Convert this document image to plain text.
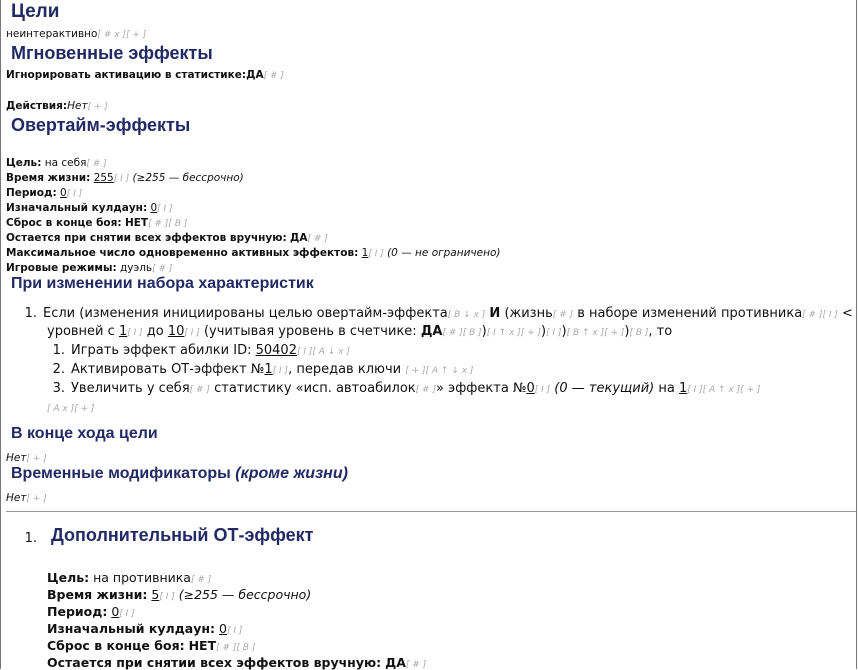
Цели
неинтерактивно[ # x ][ + ]
Мгновенные эффекты
Игнорировать активацию в статистике:ДА[ # ]
Действия:Нет[ + ]
Овертайм-эффекты
Цель: на себя[ # ]
Время жизни: 255[ I ] (≥255 — бессрочно)
Период: 0[ I ]
Изначальный кулдаун: 0[ I ]
Сброс в конце боя: НЕТ[ # ][ B ]
Остается при снятии всех эффектов вручную: ДА[ # ]
Максимальное число одновременно активных эффектов: 1[ I ] (0 — не ограничено)
Игровые режимы: дуэль[ # ]
При изменении набора характеристик
1. Если (изменения инициированы целью овертайм-эффекта[ B ↓ x ] И (жизнь[ # ] в наборе изменений противника[ # ][ I ] <
уровней с 1[ I ] до 10[ I ] (учитывая уровень в счетчике: ДА[ # ][ B ])[ I ↑ x ][ + ])[ I ])[ B ↑ x ][ + ])[ B ], то
1. Играть эффект абилки ID: 50402[ I ][ A ↓ x ]
2. Активировать ОТ-эффект №1[ I ], передав ключи [ + ][ A ↑ ↓ x ]
3. Увеличить у себя[ # ] статистику «исп. автоабилок[ # ]» эффекта №0[ I ] (0 — текущий) на 1[ I ][ A ↑ x ][ + ]
[ A x ][ + ]
В конце хода цели
Нет[ + ]
Временные модификаторы (кроме жизни)
Нет[ + ]
1. Дополнительный ОТ-эффект
Цель: на противника[ # ]
Время жизни: 5[ I ] (≥255 — бессрочно)
Период: 0[ I ]
Изначальный кулдаун: 0[ I ]
Сброс в конце боя: НЕТ[ # ][ B ]
Остается при снятии всех эффектов вручную: ДА[ # ]
